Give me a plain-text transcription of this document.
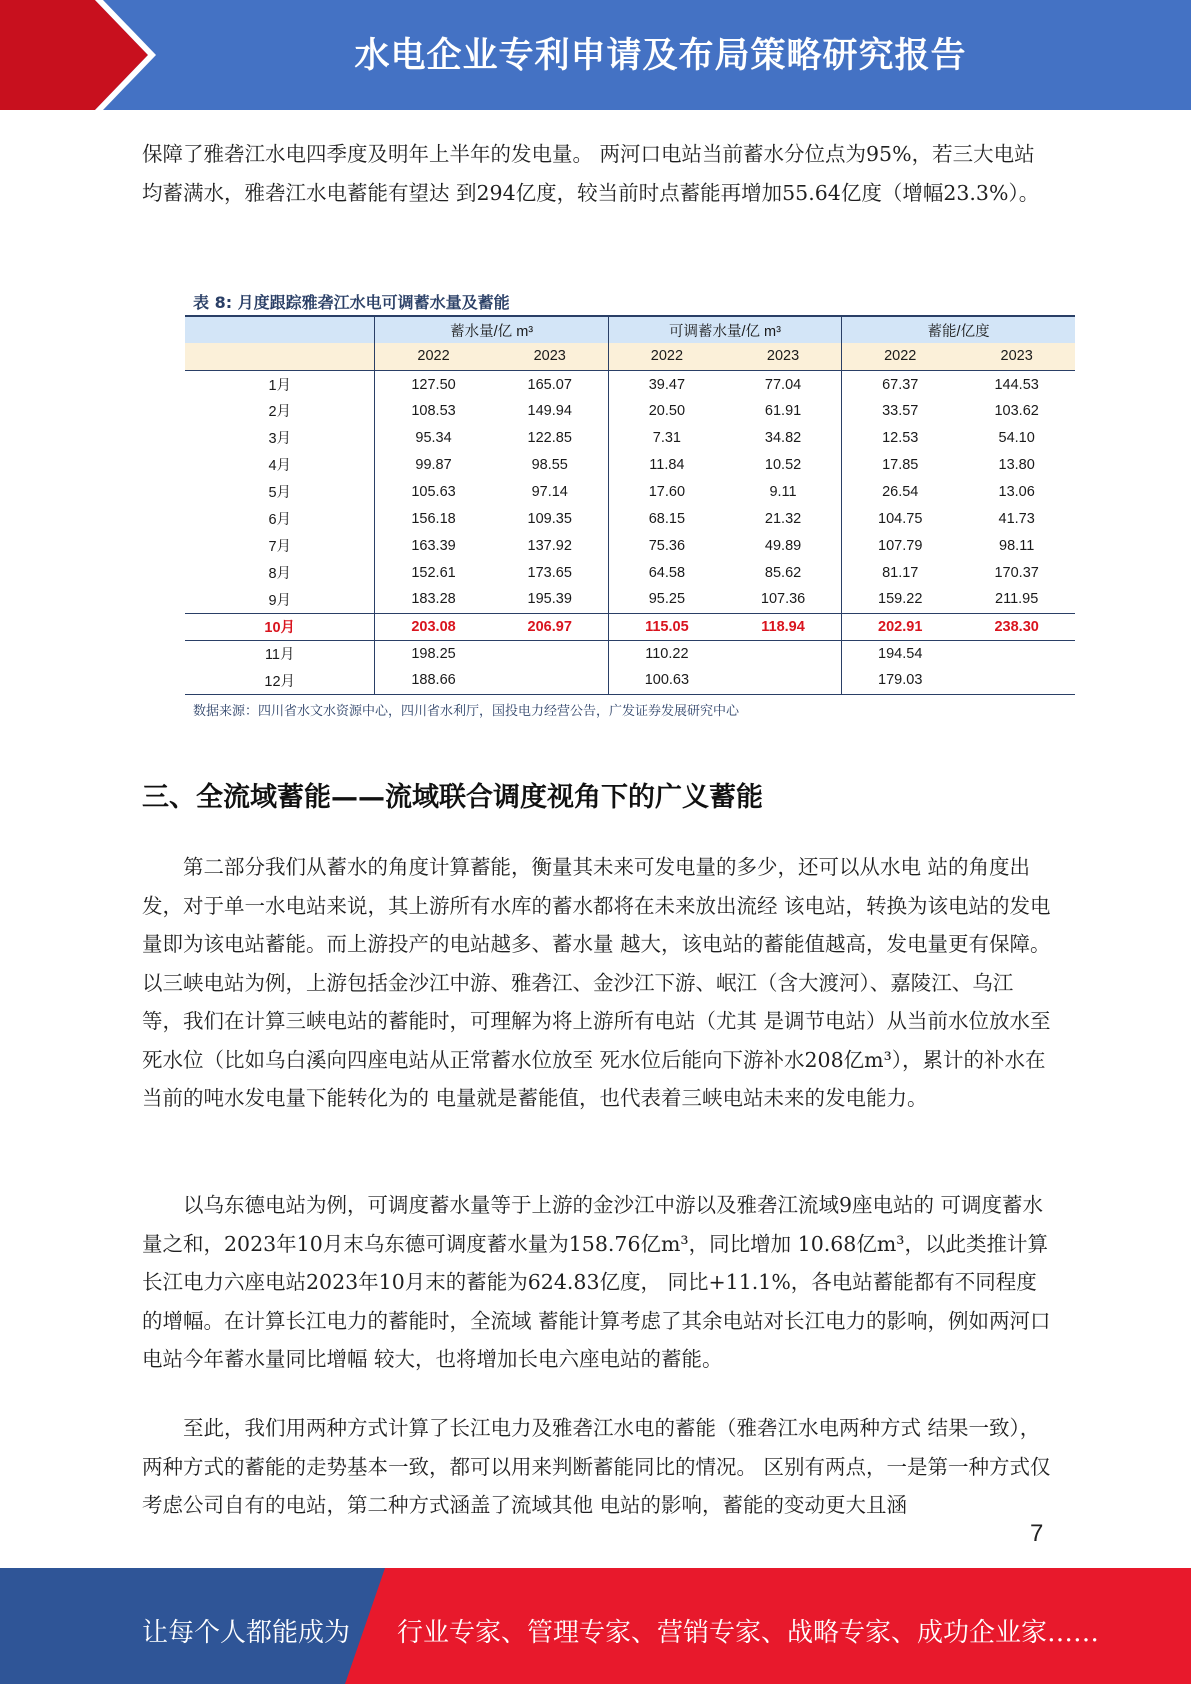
水电企业专利申请及布局策略研究报告

保障了雅砻江水电四季度及明年上半年的发电量。 两河口电站当前蓄水分位点为95%，若三大电站均蓄满水，雅砻江水电蓄能有望达 到294亿度，较当前时点蓄能再增加55.64亿度（增幅23.3%）。

表 8: 月度跟踪雅砻江水电可调蓄水量及蓄能
	蓄水量/亿 m³		可调蓄水量/亿 m³		蓄能/亿度	
	2022	2023	2022	2023	2022	2023
1月	127.50	165.07	39.47	77.04	67.37	144.53
2月	108.53	149.94	20.50	61.91	33.57	103.62
3月	95.34	122.85	7.31	34.82	12.53	54.10
4月	99.87	98.55	11.84	10.52	17.85	13.80
5月	105.63	97.14	17.60	9.11	26.54	13.06
6月	156.18	109.35	68.15	21.32	104.75	41.73
7月	163.39	137.92	75.36	49.89	107.79	98.11
8月	152.61	173.65	64.58	85.62	81.17	170.37
9月	183.28	195.39	95.25	107.36	159.22	211.95
10月	203.08	206.97	115.05	118.94	202.91	238.30
11月	198.25		110.22		194.54	
12月	188.66		100.63		179.03	
数据来源：四川省水文水资源中心，四川省水利厅，国投电力经营公告，广发证券发展研究中心
三、全流域蓄能——流域联合调度视角下的广义蓄能

第二部分我们从蓄水的角度计算蓄能，衡量其未来可发电量的多少，还可以从水电 站的角度出发，对于单一水电站来说，其上游所有水库的蓄水都将在未来放出流经 该电站，转换为该电站的发电量即为该电站蓄能。而上游投产的电站越多、蓄水量 越大，该电站的蓄能值越高，发电量更有保障。 以三峡电站为例，上游包括金沙江中游、雅砻江、金沙江下游、岷江（含大渡河）、嘉陵江、乌江等，我们在计算三峡电站的蓄能时，可理解为将上游所有电站（尤其 是调节电站）从当前水位放水至死水位（比如乌白溪向四座电站从正常蓄水位放至 死水位后能向下游补水208亿m³），累计的补水在当前的吨水发电量下能转化为的 电量就是蓄能值，也代表着三峡电站未来的发电能力。

以乌东德电站为例，可调度蓄水量等于上游的金沙江中游以及雅砻江流域9座电站的 可调度蓄水量之和，2023年10月末乌东德可调度蓄水量为158.76亿m³，同比增加 10.68亿m³，以此类推计算长江电力六座电站2023年10月末的蓄能为624.83亿度， 同比+11.1%，各电站蓄能都有不同程度的增幅。在计算长江电力的蓄能时，全流域 蓄能计算考虑了其余电站对长江电力的影响，例如两河口电站今年蓄水量同比增幅 较大，也将增加长电六座电站的蓄能。

至此，我们用两种方式计算了长江电力及雅砻江水电的蓄能（雅砻江水电两种方式 结果一致），两种方式的蓄能的走势基本一致，都可以用来判断蓄能同比的情况。 区别有两点，一是第一种方式仅考虑公司自有的电站，第二种方式涵盖了流域其他 电站的影响，蓄能的变动更大且涵

7
让每个人都能成为 行业专家、管理专家、营销专家、战略专家、成功企业家……
